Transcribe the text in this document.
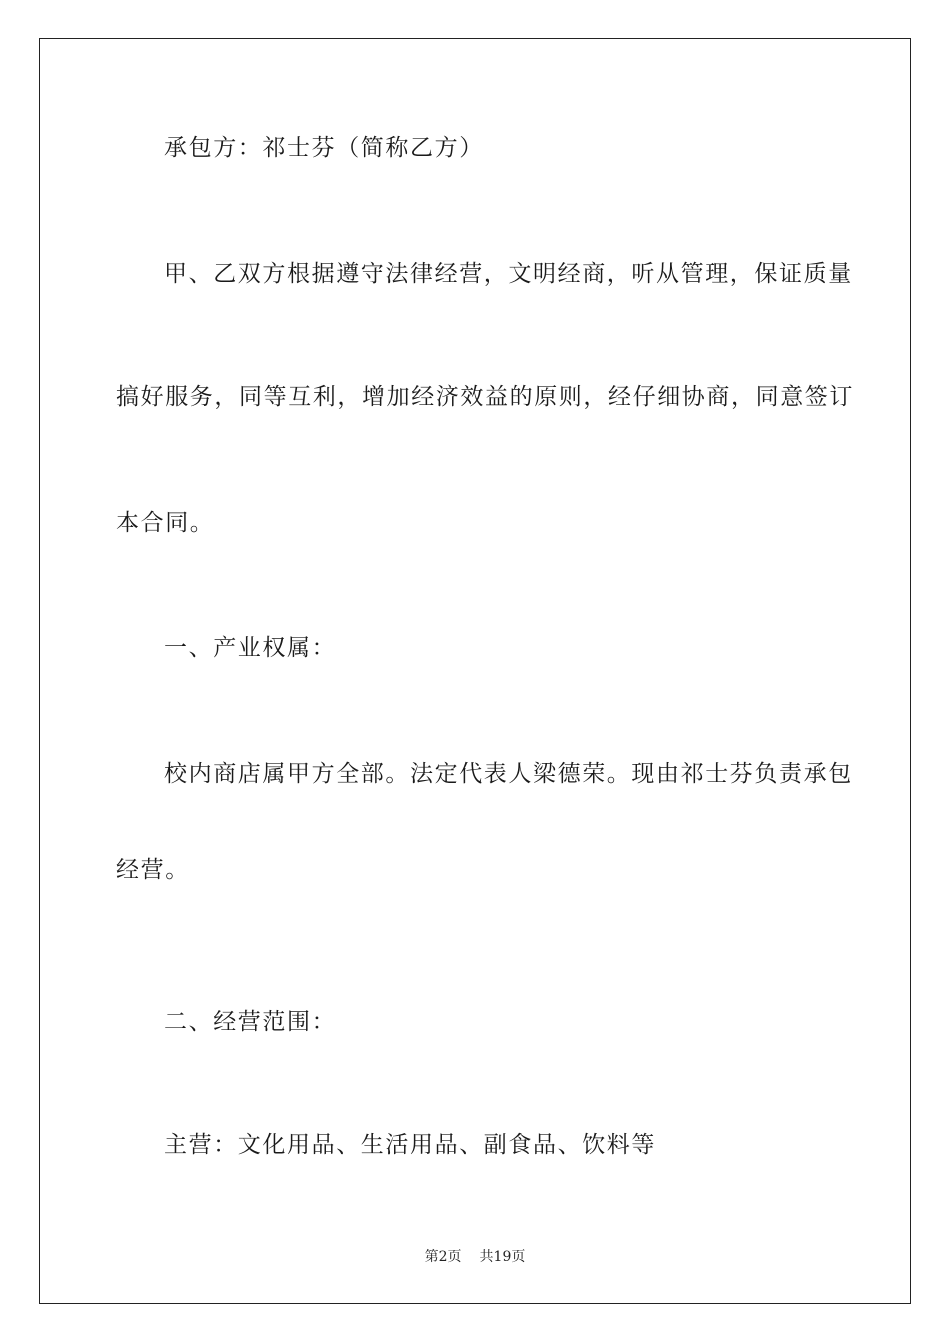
承包方：祁士芬（简称乙方）
甲、乙双方根据遵守法律经营，文明经商，听从管理，保证质量
搞好服务，同等互利，增加经济效益的原则，经仔细协商，同意签订
本合同。
一、产业权属：
校内商店属甲方全部。法定代表人梁德荣。现由祁士芬负责承包
经营。
二、经营范围：
主营：文化用品、生活用品、副食品、饮料等
第2页 共19页
